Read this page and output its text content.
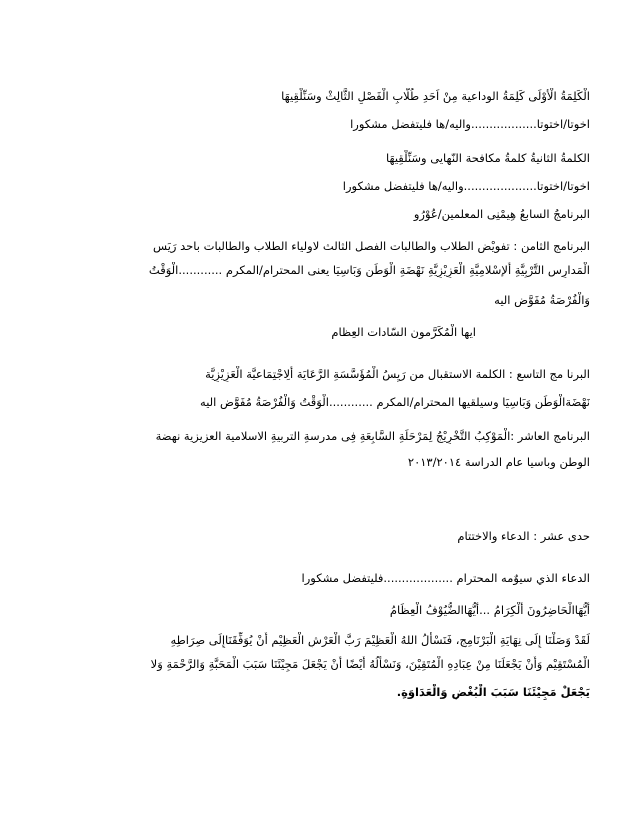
الْكَلِمَةُ الْأوْلَى كَلِمَةُ الوداعية مِنْ اَحَدِ طُلَّابِ الْفَصْلِ الثَّالِثْ وسَنِّلْقِيهَا
اخوتا/اختوتا..................واليه/ها فليتفضل مشكورا
الكلمةُ الثانيةُ كلمةُ مكافحة النّهايى وسَنِّلْقِيهَا
اخوتا/اختوتا....................واليه/ها فليتفضل مشكورا
البرنامجُ السابعُ هِيمْنِى المعلمين/عُوْرُو
البرنامج الثامن : تفويْض الطلاب والطالبات الفصل الثالث لاولياء الطلاب والطالبات باحد رَيَس
الْمَدارِس التَّرْبِيَّةِ أَلإسْلامِيَّةِ الْعَزِيْزِيَّةِ نَهْضَةِ الْوَطَن وَبَاسِيَا يعنى المحترام/المكرم ............الْوَقْتُ
وَالْفُرْصَةُ مُفَوَّض اليه
ايها الْمُكَرَّمون السّادات العِظام
البرنا مج التاسع : الكلمة الاستقبال من رَيِسُ الْمُؤَسَّسَةِ الرَّعَايَة أَلِاجْتِمَاعيَّة الْعَزِيْزِيَّة
نَهْضَةالْوَطَن وَبَاسِيَا وسيلقيها المحترام/المكرم ............الْوَقْتُ وَالْفُرْصَةُ مُفَوَّض اليه
البرنامج العاشر :الْمَوْكِبُ التَّخْرِيْجُ لِمَرْحَلَةِ السَّابِعَةِ فِى مدرسةِ التربيةِ الاسلامية العزيزية نهضة
الوطن وباسيا عام الدراسة ٢٠١٣/٢٠١٤
حدى عشر : الدعاء والاختتام
الدعاء الذي سيوٌمه المحترام ...................فليتفضل مشكورا
أَيُّهَاالْحَاضِرُونَ أَلْكِرَامُ ...أيُّهَاالضُّيُوْفُ الْعِظَامُ
لَقَدْ وَصَلْنَا إِلَى نِهَايَةِ الْبَرْنَامِجِ، فَنَسْأَلُ اللهُ الْعَظِيْمَ رَبَّ الْعَرْشِ الْعَظِيْم أَنْ يُوَفِّقَنَاإِلَى صِرَاطِهِ
الْمُسْتَقِيْم وَأَنْ يَجْعَلَنَا مِنْ عِبَادِهِ الْمُتَقِيْنَ، وَنَسْأَلُهُ أَيْضًا أَنْ يَجْعَلَ مَجِيْئَنَا سَبَبَ الْمَحَبَّةِ وَالرَّحْمَةِ وَلا
يَجْعَلْ مَجِيْئَنَا سَبَبَ الْبُغْضِ وَالْعَدَاوَةِ.
